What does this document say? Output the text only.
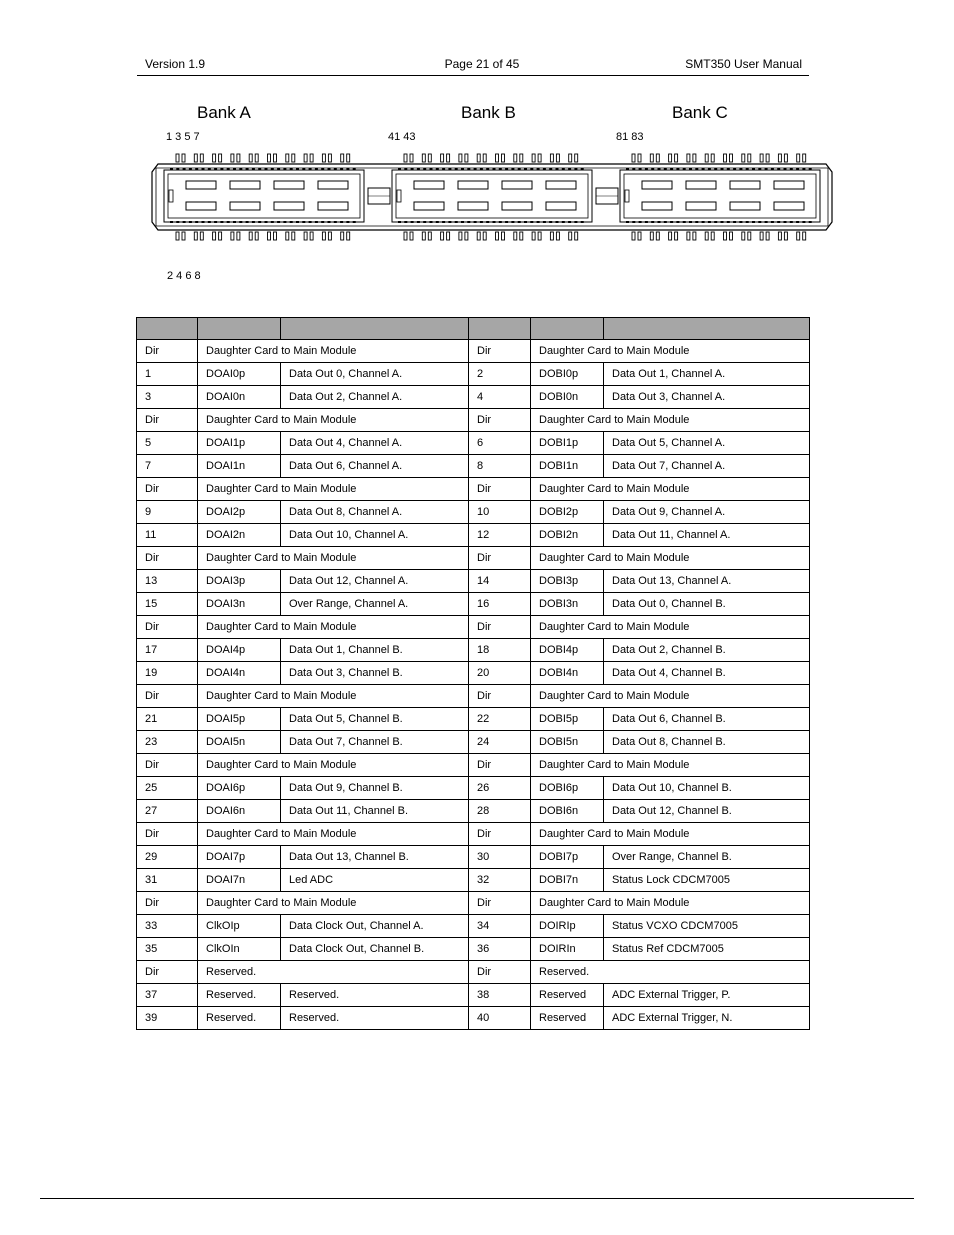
Version 1.9	Page 21 of 45	SMT350 User Manual
Bank A	Bank B	Bank C
1 3 5 7	41 43	81 83
2 4 6 8

Dir	Daughter Card to Main Module		Dir	Daughter Card to Main Module	
1	DOAI0p	Data Out 0, Channel A.	2	DOBI0p	Data Out 1, Channel A.
3	DOAI0n	Data Out 2, Channel A.	4	DOBI0n	Data Out 3, Channel A.
Dir	Daughter Card to Main Module		Dir	Daughter Card to Main Module	
5	DOAI1p	Data Out 4, Channel A.	6	DOBI1p	Data Out 5, Channel A.
7	DOAI1n	Data Out 6, Channel A.	8	DOBI1n	Data Out 7, Channel A.
Dir	Daughter Card to Main Module		Dir	Daughter Card to Main Module	
9	DOAI2p	Data Out 8, Channel A.	10	DOBI2p	Data Out 9, Channel A.
11	DOAI2n	Data Out 10, Channel A.	12	DOBI2n	Data Out 11, Channel A.
Dir	Daughter Card to Main Module		Dir	Daughter Card to Main Module	
13	DOAI3p	Data Out 12, Channel A.	14	DOBI3p	Data Out 13, Channel A.
15	DOAI3n	Over Range, Channel A.	16	DOBI3n	Data Out 0, Channel B.
Dir	Daughter Card to Main Module		Dir	Daughter Card to Main Module	
17	DOAI4p	Data Out 1, Channel B.	18	DOBI4p	Data Out 2, Channel B.
19	DOAI4n	Data Out 3, Channel B.	20	DOBI4n	Data Out 4, Channel B.
Dir	Daughter Card to Main Module		Dir	Daughter Card to Main Module	
21	DOAI5p	Data Out 5, Channel B.	22	DOBI5p	Data Out 6, Channel B.
23	DOAI5n	Data Out 7, Channel B.	24	DOBI5n	Data Out 8, Channel B.
Dir	Daughter Card to Main Module		Dir	Daughter Card to Main Module	
25	DOAI6p	Data Out 9, Channel B.	26	DOBI6p	Data Out 10, Channel B.
27	DOAI6n	Data Out 11, Channel B.	28	DOBI6n	Data Out 12, Channel B.
Dir	Daughter Card to Main Module		Dir	Daughter Card to Main Module	
29	DOAI7p	Data Out 13, Channel B.	30	DOBI7p	Over Range, Channel B.
31	DOAI7n	Led ADC	32	DOBI7n	Status Lock CDCM7005
Dir	Daughter Card to Main Module		Dir	Daughter Card to Main Module	
33	ClkOIp	Data Clock Out, Channel A.	34	DOIRIp	Status VCXO CDCM7005
35	ClkOIn	Data Clock Out, Channel B.	36	DOIRIn	Status Ref CDCM7005
Dir	Reserved.		Dir	Reserved.	
37	Reserved.	Reserved.	38	Reserved	ADC External Trigger, P.
39	Reserved.	Reserved.	40	Reserved	ADC External Trigger, N.
